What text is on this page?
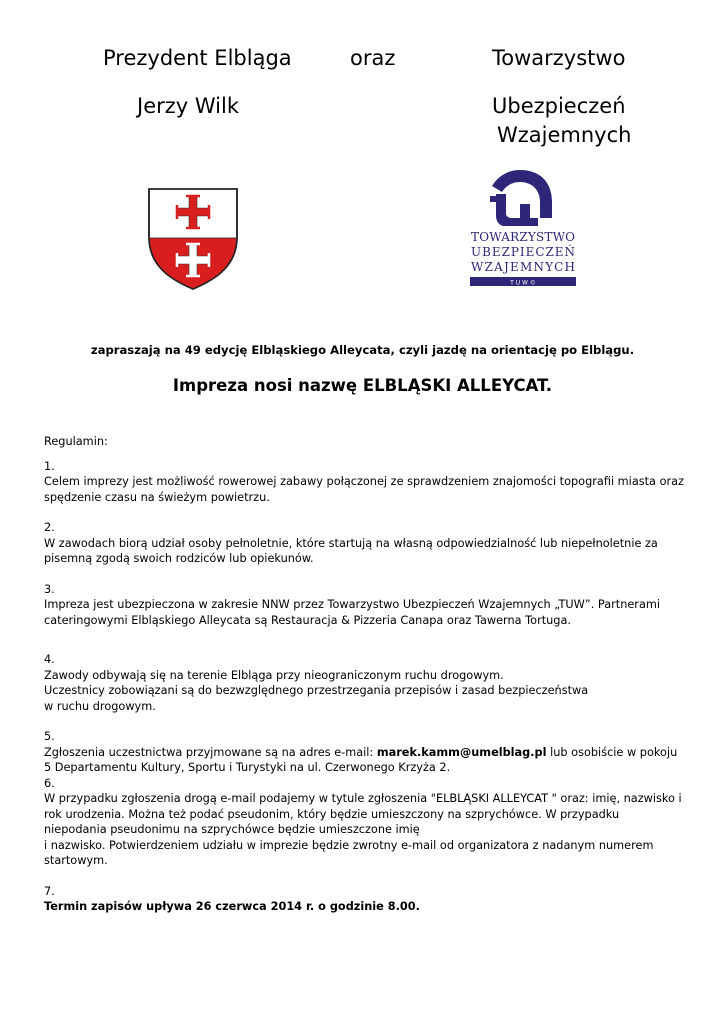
Prezydent Elbląga	oraz	Towarzystwo
Jerzy Wilk	Ubezpieczeń
Wzajemnych
TOWARZYSTWO
UBEZPIECZEŃ
WZAJEMNYCH
T U W ©
zapraszają na 49 edycję Elbląskiego Alleycata, czyli jazdę na orientację po Elblągu.
Impreza nosi nazwę ELBLĄSKI ALLEYCAT.

Regulamin:

1.

Celem imprezy jest możliwość rowerowej zabawy połączonej ze sprawdzeniem znajomości topografii miasta oraz spędzenie czasu na świeżym powietrzu.

2.

W zawodach biorą udział osoby pełnoletnie, które startują na własną odpowiedzialność lub niepełnoletnie za pisemną zgodą swoich rodziców lub opiekunów.

3.

Impreza jest ubezpieczona w zakresie NNW przez Towarzystwo Ubezpieczeń Wzajemnych „TUW”. Partnerami cateringowymi Elbląskiego Alleycata są Restauracja & Pizzeria Canapa oraz Tawerna Tortuga.

4.

Zawody odbywają się na terenie Elbląga przy nieograniczonym ruchu drogowym.

Uczestnicy zobowiązani są do bezwzględnego przestrzegania przepisów i zasad bezpieczeństwa

w ruchu drogowym.

5.

Zgłoszenia uczestnictwa przyjmowane są na adres e-mail: marek.kamm@umelblag.pl lub osobiście w pokoju 5 Departamentu Kultury, Sportu i Turystyki na ul. Czerwonego Krzyża 2.

6.

W przypadku zgłoszenia drogą e-mail podajemy w tytule zgłoszenia "ELBLĄSKI ALLEYCAT " oraz: imię, nazwisko i rok urodzenia. Można też podać pseudonim, który będzie umieszczony na szprychówce. W przypadku niepodania pseudonimu na szprychówce będzie umieszczone imię

i nazwisko. Potwierdzeniem udziału w imprezie będzie zwrotny e-mail od organizatora z nadanym numerem startowym.

7.

Termin zapisów upływa 26 czerwca 2014 r. o godzinie 8.00.
